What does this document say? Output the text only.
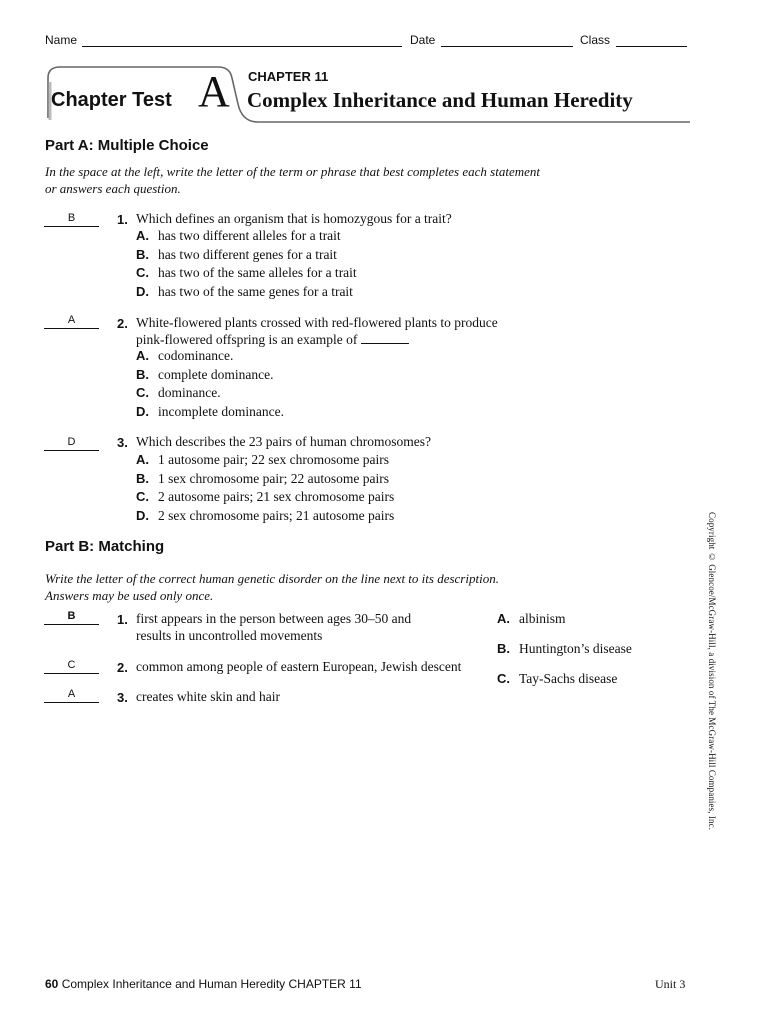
Name	Date	Class
Chapter Test A CHAPTER 11
Complex Inheritance and Human Heredity
Part A: Multiple Choice
In the space at the left, write the letter of the term or phrase that best completes each statement
or answers each question.
B	1. Which defines an organism that is homozygous for a trait?
A. has two different alleles for a trait
B. has two different genes for a trait
C. has two of the same alleles for a trait
D. has two of the same genes for a trait
A	2. White-flowered plants crossed with red-flowered plants to produce
pink-flowered offspring is an example of
A. codominance.
B. complete dominance.
C. dominance.
D. incomplete dominance.
D	3. Which describes the 23 pairs of human chromosomes?
A. 1 autosome pair; 22 sex chromosome pairs
B. 1 sex chromosome pair; 22 autosome pairs
C. 2 autosome pairs; 21 sex chromosome pairs
D. 2 sex chromosome pairs; 21 autosome pairs
Part B: Matching
Write the letter of the correct human genetic disorder on the line next to its description.
Answers may be used only once.
B	1. first appears in the person between ages 30–50 and
results in uncontrolled movements
C	2. common among people of eastern European, Jewish descent
A	3. creates white skin and hair
A. albinism
B. Huntington’s disease
C. Tay-Sachs disease	Copyright © Glencoe/McGraw-Hill, a division of The McGraw-Hill Companies, Inc.
60 Complex Inheritance and Human Heredity CHAPTER 11	Unit 3
